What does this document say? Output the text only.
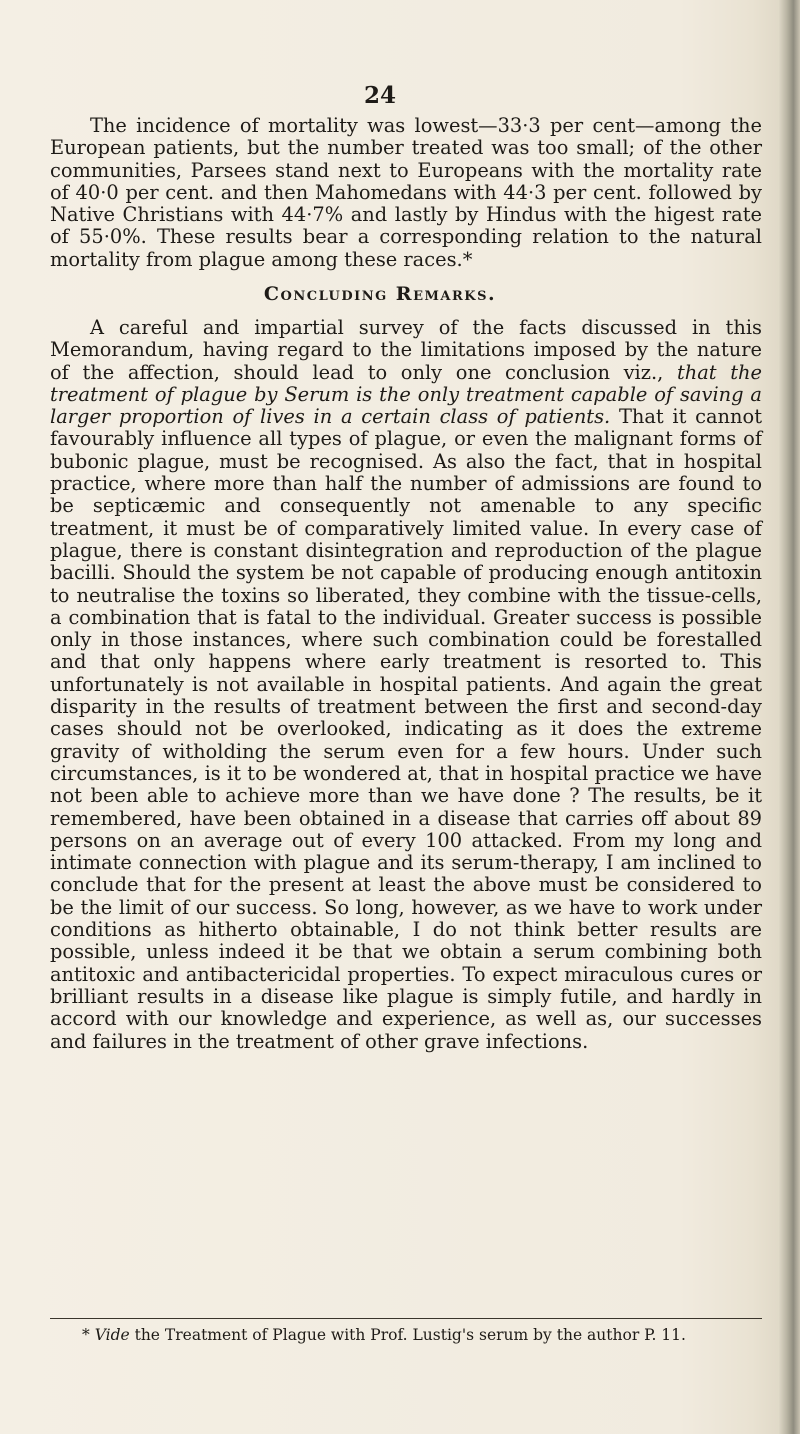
24

The incidence of mortality was lowest—33·3 per cent—among the European patients, but the number treated was too small; of the other communities, Parsees stand next to Europeans with the mortality rate of 40·0 per cent. and then Mahomedans with 44·3 per cent. followed by Native Christians with 44·7% and lastly by Hindus with the higest rate of 55·0%. These results bear a corresponding relation to the natural mortality from plague among these races.*

Concluding Remarks.

A careful and impartial survey of the facts discussed in this Memorandum, having regard to the limitations imposed by the nature of the affection, should lead to only one conclusion viz., that the treatment of plague by Serum is the only treatment capable of saving a larger proportion of lives in a certain class of patients. That it cannot favourably influence all types of plague, or even the malignant forms of bubonic plague, must be recognised. As also the fact, that in hospital practice, where more than half the number of admissions are found to be septicæmic and consequently not amenable to any specific treatment, it must be of comparatively limited value. In every case of plague, there is constant disintegration and reproduction of the plague bacilli. Should the system be not capable of producing enough antitoxin to neutralise the toxins so liberated, they combine with the tissue-cells, a combination that is fatal to the individual. Greater success is possible only in those instances, where such combination could be forestalled and that only happens where early treatment is resorted to. This unfortunately is not available in hospital patients. And again the great disparity in the results of treatment between the first and second-day cases should not be overlooked, indicating as it does the extreme gravity of witholding the serum even for a few hours. Under such circumstances, is it to be wondered at, that in hospital practice we have not been able to achieve more than we have done ? The results, be it remembered, have been obtained in a disease that carries off about 89 persons on an average out of every 100 attacked. From my long and intimate connection with plague and its serum-therapy, I am inclined to conclude that for the present at least the above must be considered to be the limit of our success. So long, however, as we have to work under conditions as hitherto obtainable, I do not think better results are possible, unless indeed it be that we obtain a serum combining both antitoxic and antibactericidal properties. To expect miraculous cures or brilliant results in a disease like plague is simply futile, and hardly in accord with our knowledge and experience, as well as, our successes and failures in the treatment of other grave infections.

* Vide the Treatment of Plague with Prof. Lustig's serum by the author P. 11.
